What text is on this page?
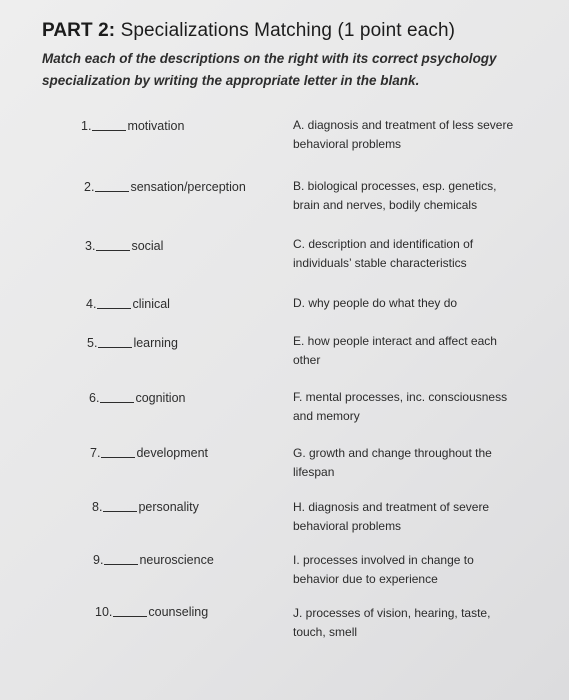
PART 2: Specializations Matching (1 point each)
Match each of the descriptions on the right with its correct psychology specialization by writing the appropriate letter in the blank.
1.	motivation	A. diagnosis and treatment of less severe behavioral problems
2.	sensation/perception	B. biological processes, esp. genetics, brain and nerves, bodily chemicals
3.	social	C. description and identification of individuals’ stable characteristics
4.	clinical	D. why people do what they do
5.	learning	E. how people interact and affect each other
6.	cognition	F. mental processes, inc. consciousness and memory
7.	development	G. growth and change throughout the lifespan
8.	personality	H. diagnosis and treatment of severe behavioral problems
9.	neuroscience	I. processes involved in change to behavior due to experience
10.	counseling	J. processes of vision, hearing, taste, touch, smell
